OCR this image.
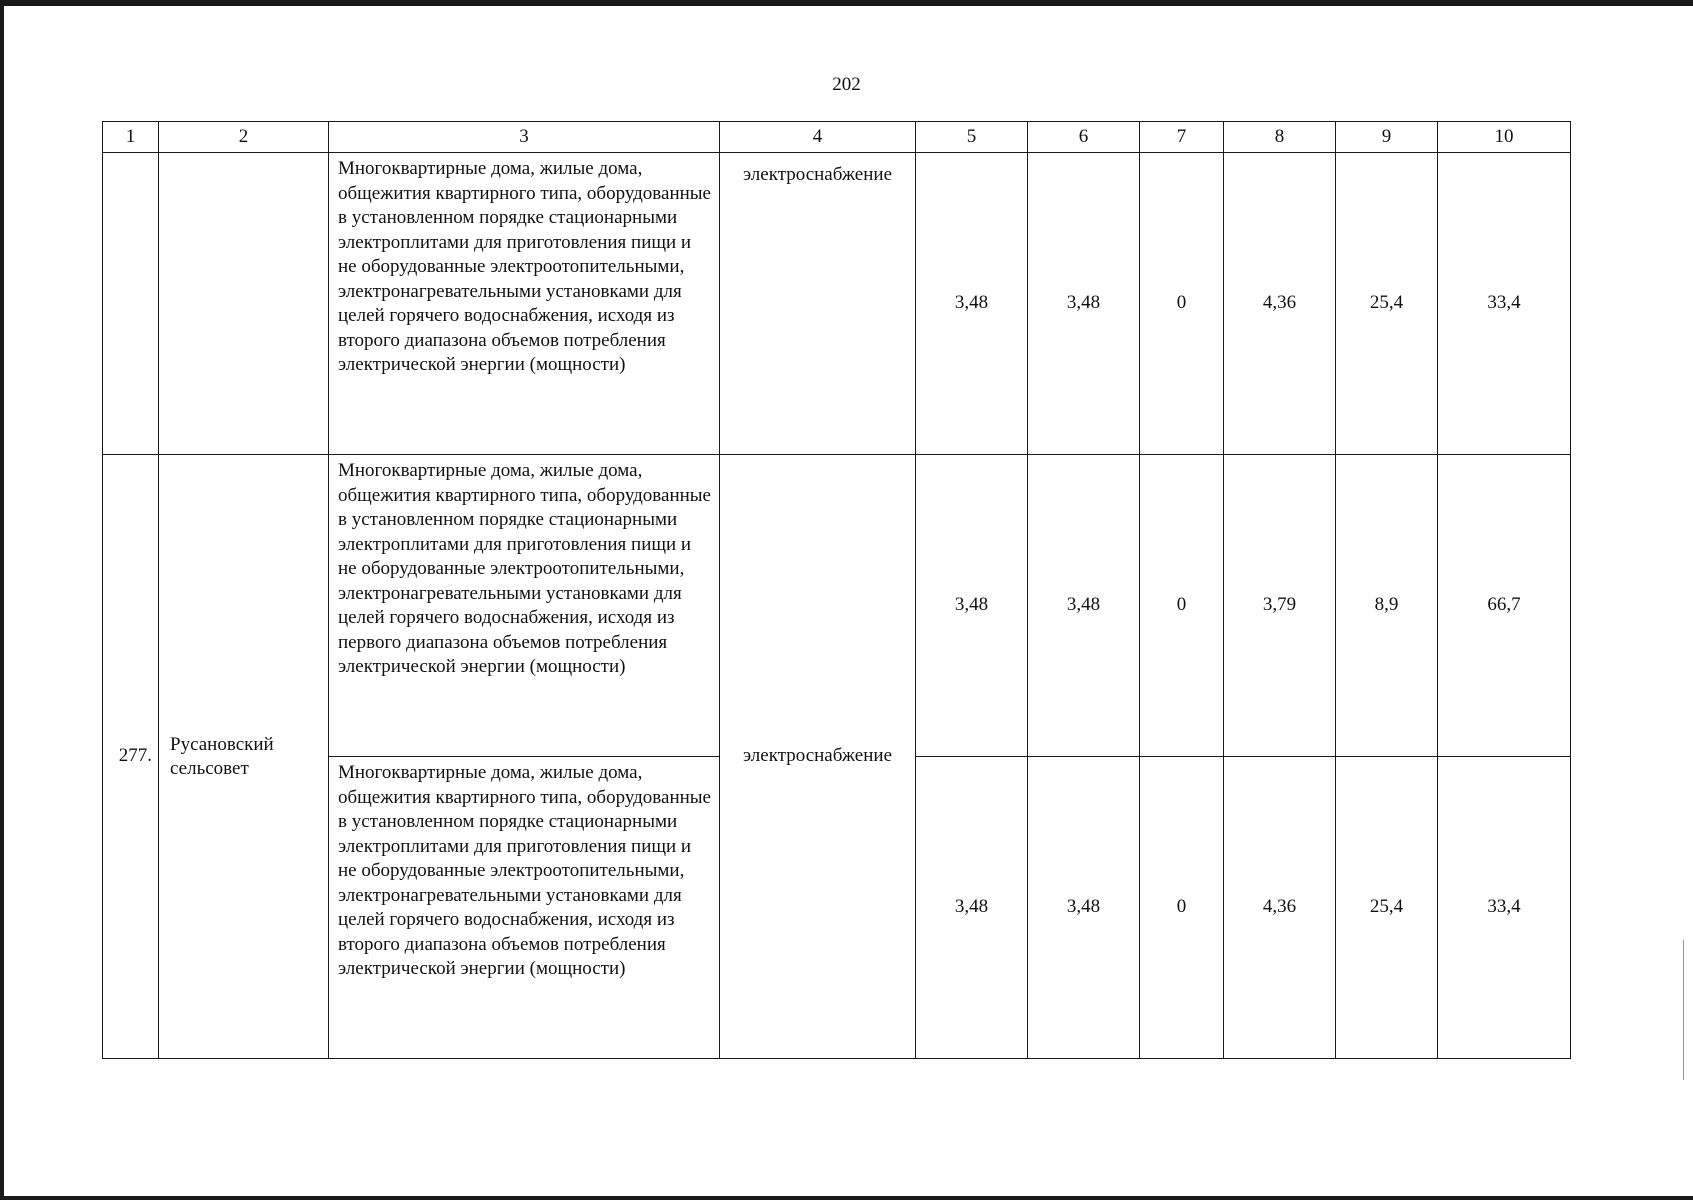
202
1	2	3	4	5	6	7	8	9	10
		Многоквартирные дома, жилые дома, общежития квартирного типа, оборудованные в установленном порядке стационарными электроплитами для приготовления пищи и не оборудованные электроотопительными, электронагревательными установками для целей горячего водоснабжения, исходя из второго диапазона объемов потребления электрической энергии (мощности)	электроснабжение	3,48	3,48	0	4,36	25,4	33,4
277.	Русановский сельсовет	Многоквартирные дома, жилые дома, общежития квартирного типа, оборудованные в установленном порядке стационарными электроплитами для приготовления пищи и не оборудованные электроотопительными, электронагревательными установками для целей горячего водоснабжения, исходя из первого диапазона объемов потребления электрической энергии (мощности)	электроснабжение	3,48	3,48	0	3,79	8,9	66,7
		Многоквартирные дома, жилые дома, общежития квартирного типа, оборудованные в установленном порядке стационарными электроплитами для приготовления пищи и не оборудованные электроотопительными, электронагревательными установками для целей горячего водоснабжения, исходя из второго диапазона объемов потребления электрической энергии (мощности)		3,48	3,48	0	4,36	25,4	33,4
